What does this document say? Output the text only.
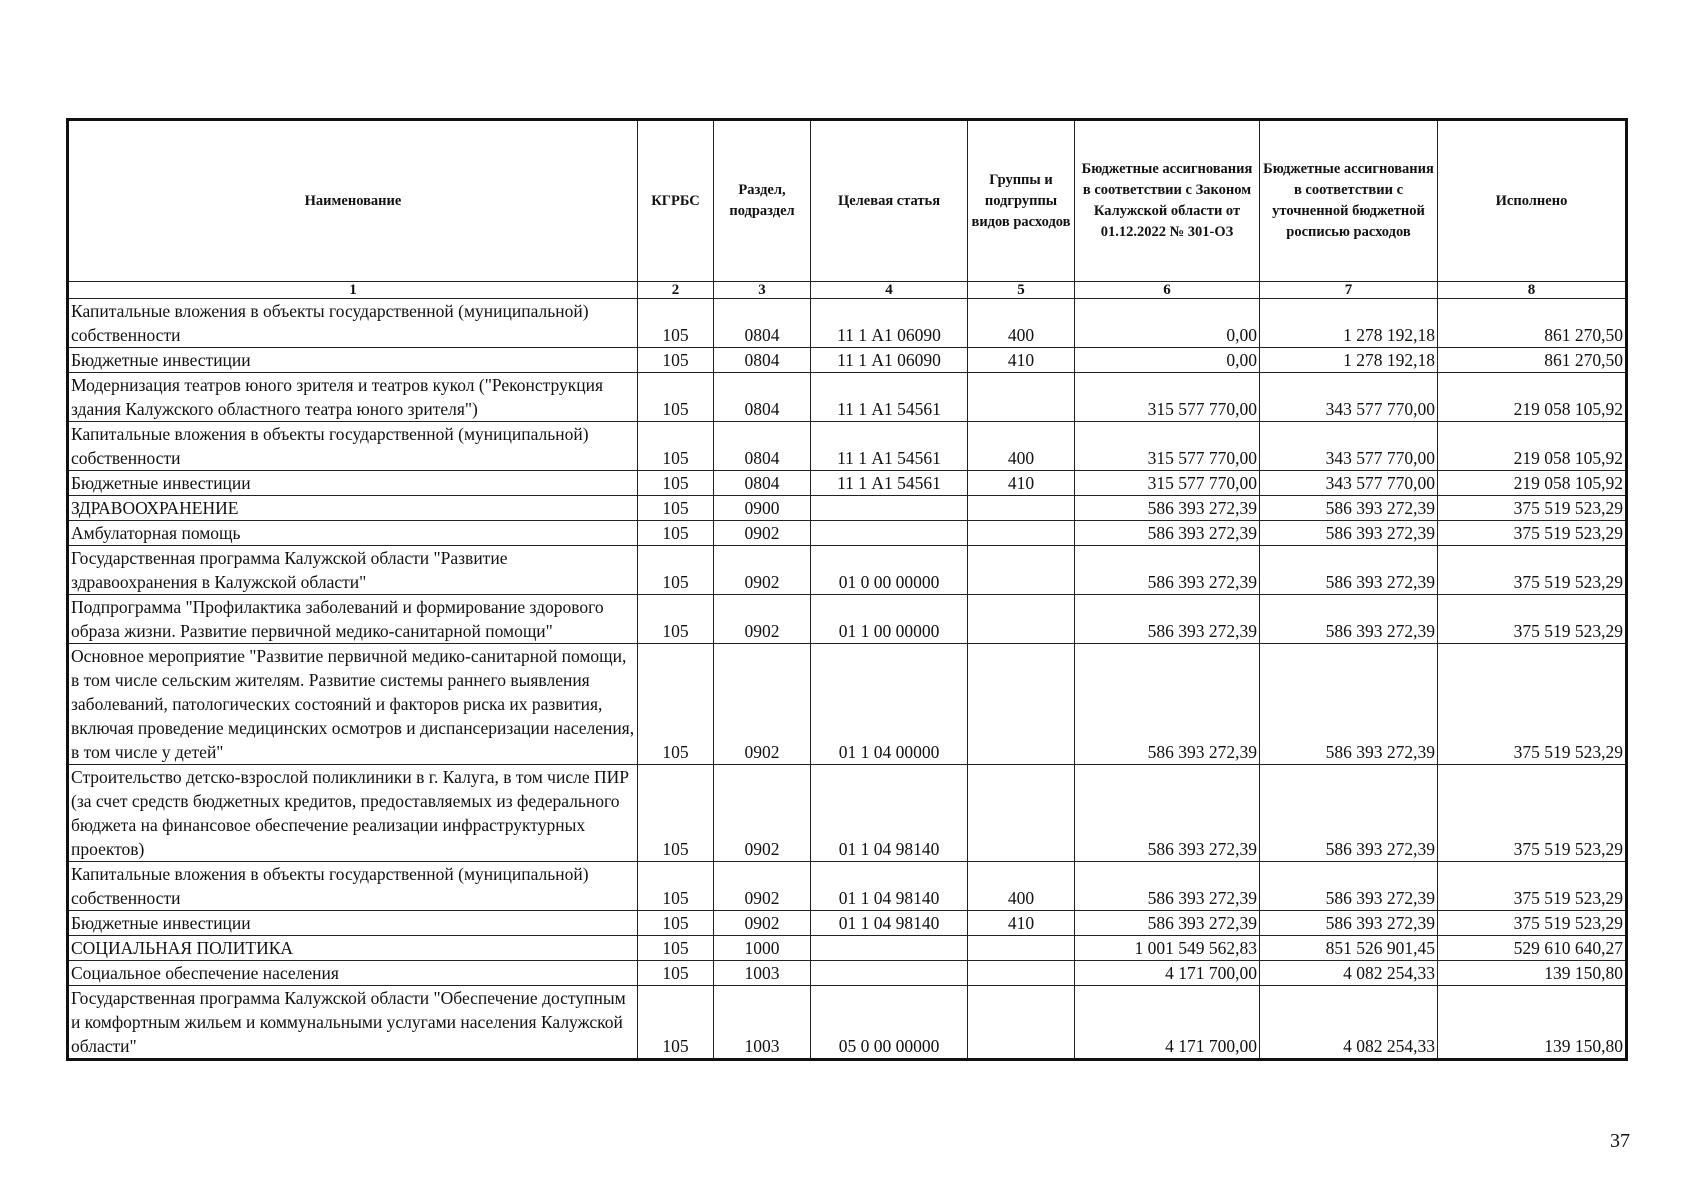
Наименование	КГРБС	Раздел, подраздел	Целевая статья	Группы и подгруппы видов расходов	Бюджетные ассигнования в соответствии с Законом Калужской области от 01.12.2022 № 301-ОЗ	Бюджетные ассигнования в соответствии с уточненной бюджетной росписью расходов	Исполнено
1	2	3	4	5	6	7	8
Капитальные вложения в объекты государственной (муниципальной) собственности	105	0804	11 1 А1 06090	400	0,00	1 278 192,18	861 270,50
Бюджетные инвестиции	105	0804	11 1 А1 06090	410	0,00	1 278 192,18	861 270,50
Модернизация театров юного зрителя и театров кукол ("Реконструкция здания Калужского областного театра юного зрителя")	105	0804	11 1 А1 54561		315 577 770,00	343 577 770,00	219 058 105,92
Капитальные вложения в объекты государственной (муниципальной) собственности	105	0804	11 1 А1 54561	400	315 577 770,00	343 577 770,00	219 058 105,92
Бюджетные инвестиции	105	0804	11 1 А1 54561	410	315 577 770,00	343 577 770,00	219 058 105,92
ЗДРАВООХРАНЕНИЕ	105	0900			586 393 272,39	586 393 272,39	375 519 523,29
Амбулаторная помощь	105	0902			586 393 272,39	586 393 272,39	375 519 523,29
Государственная программа Калужской области "Развитие здравоохранения в Калужской области"	105	0902	01 0 00 00000		586 393 272,39	586 393 272,39	375 519 523,29
Подпрограмма "Профилактика заболеваний и формирование здорового образа жизни. Развитие первичной медико-санитарной помощи"	105	0902	01 1 00 00000		586 393 272,39	586 393 272,39	375 519 523,29
Основное мероприятие "Развитие первичной медико-санитарной помощи, в том числе сельским жителям. Развитие системы раннего выявления заболеваний, патологических состояний и факторов риска их развития, включая проведение медицинских осмотров и диспансеризации населения, в том числе у детей"	105	0902	01 1 04 00000		586 393 272,39	586 393 272,39	375 519 523,29
Строительство детско-взрослой поликлиники в г. Калуга, в том числе ПИР (за счет средств бюджетных кредитов, предоставляемых из федерального бюджета на финансовое обеспечение реализации инфраструктурных проектов)	105	0902	01 1 04 98140		586 393 272,39	586 393 272,39	375 519 523,29
Капитальные вложения в объекты государственной (муниципальной) собственности	105	0902	01 1 04 98140	400	586 393 272,39	586 393 272,39	375 519 523,29
Бюджетные инвестиции	105	0902	01 1 04 98140	410	586 393 272,39	586 393 272,39	375 519 523,29
СОЦИАЛЬНАЯ ПОЛИТИКА	105	1000			1 001 549 562,83	851 526 901,45	529 610 640,27
Социальное обеспечение населения	105	1003			4 171 700,00	4 082 254,33	139 150,80
Государственная программа Калужской области "Обеспечение доступным и комфортным жильем и коммунальными услугами населения Калужской области"	105	1003	05 0 00 00000		4 171 700,00	4 082 254,33	139 150,80
37
